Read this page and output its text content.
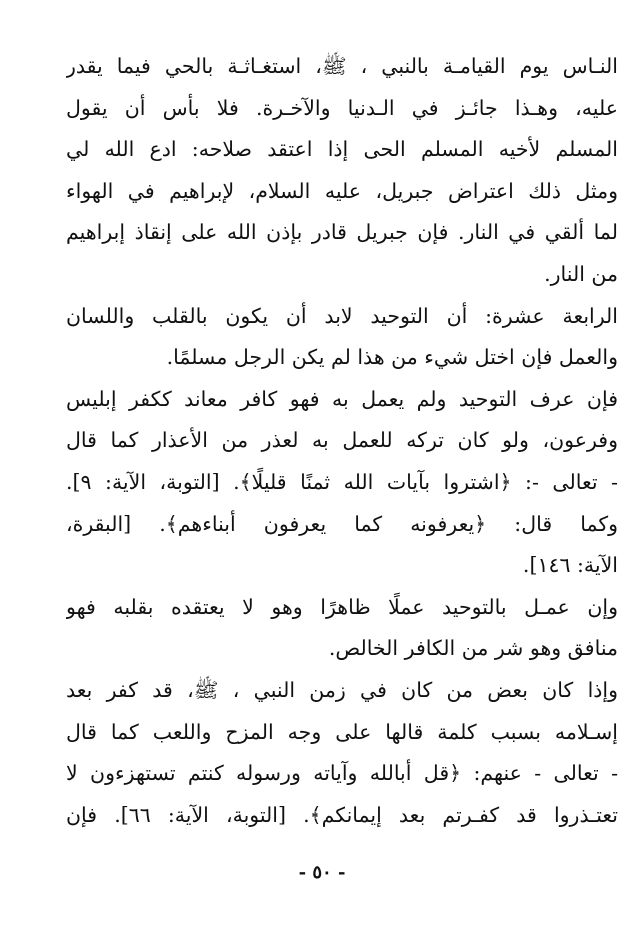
النـاس يوم القيامـة بالنبي ، ﷺ، استغـاثـة بالحي فيما يقدر
عليه، وهـذا جائـز في الـدنيا والآخـرة. فلا بأس أن يقول
المسلم لأخيه المسلم الحى إذا اعتقد صلاحه: ادع الله لي
ومثل ذلك اعتراض جبريل، عليه السلام، لإبراهيم في الهواء
لما ألقي في النار. فإن جبريل قادر بإذن الله على إنقاذ إبراهيم
من النار.
الرابعة عشرة: أن التوحيد لابد أن يكون بالقلب واللسان
والعمل فإن اختل شيء من هذا لم يكن الرجل مسلمًا.
فإن عرف التوحيد ولم يعمل به فهو كافر معاند ككفر إبليس
وفرعون، ولو كان تركه للعمل به لعذر من الأعذار كما قال
- تعالى -: ﴿اشتروا بآيات الله ثمنًا قليلًا﴾. [التوبة، الآية: ٩].
وكما قال: ﴿يعرفونه كما يعرفون أبناءهم﴾. [البقرة،
الآية: ١٤٦].
وإن عمـل بالتوحيد عملًا ظاهرًا وهو لا يعتقده بقلبه فهو
منافق وهو شر من الكافر الخالص.
وإذا كان بعض من كان في زمن النبي ، ﷺ، قد كفر بعد
إسـلامه بسبب كلمة قالها على وجه المزح واللعب كما قال
- تعالى - عنهم: ﴿قل أبالله وآياته ورسوله كنتم تستهزءون لا
تعتـذروا قد كفـرتم بعد إيمانكم﴾. [التوبة، الآية: ٦٦]. فإن
- ٥٠ -
